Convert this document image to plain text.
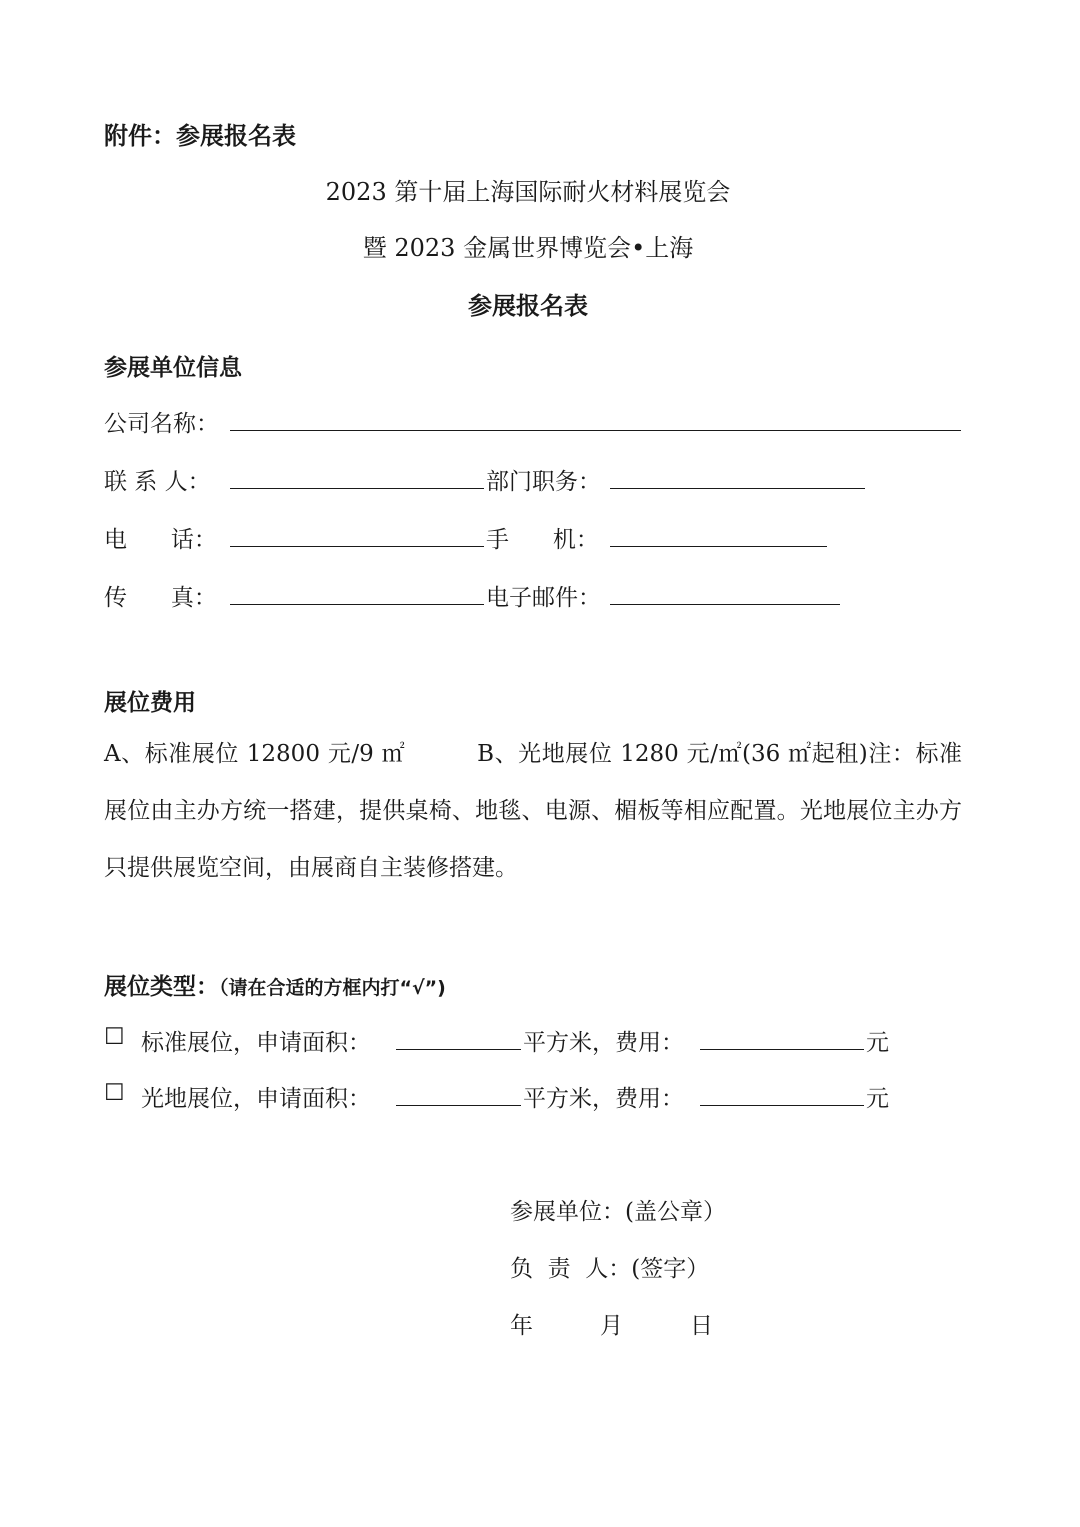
附件：参展报名表
2023 第十届上海国际耐火材料展览会
暨 2023 金属世界博览会•上海
参展报名表
参展单位信息
公司名称：
联 系 人：	部门职务：
电      话：	手      机：
传      真：	电子邮件：
展位费用
A、标准展位 12800 元/9 ㎡	B、光地展位 1280 元/㎡(36 ㎡起租)注：标准展位由主办方统一搭建，提供桌椅、地毯、电源、楣板等相应配置。光地展位主办方只提供展览空间，由展商自主装修搭建。
展位类型：（请在合适的方框内打“√”)
☐ 标准展位，申请面积：	平方米，费用：	元
☐ 光地展位，申请面积：	平方米，费用：	元
参展单位：(盖公章）
负  责  人：(签字）
年	月	日
